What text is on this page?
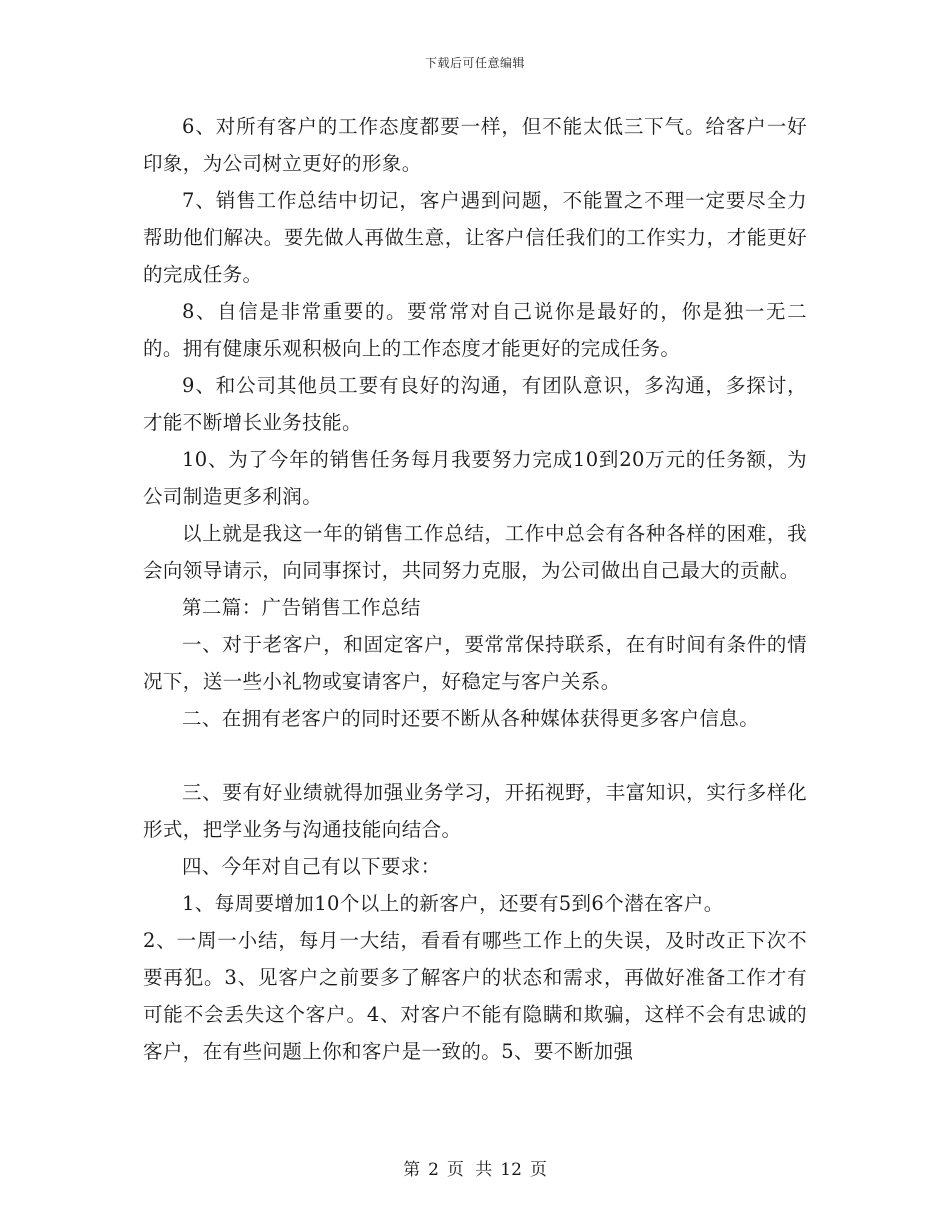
下载后可任意编辑

6、对所有客户的工作态度都要一样，但不能太低三下气。给客户一好印象，为公司树立更好的形象。

7、销售工作总结中切记，客户遇到问题，不能置之不理一定要尽全力帮助他们解决。要先做人再做生意，让客户信任我们的工作实力，才能更好的完成任务。

8、自信是非常重要的。要常常对自己说你是最好的，你是独一无二的。拥有健康乐观积极向上的工作态度才能更好的完成任务。

9、和公司其他员工要有良好的沟通，有团队意识，多沟通，多探讨，才能不断增长业务技能。

10、为了今年的销售任务每月我要努力完成10到20万元的任务额，为公司制造更多利润。

以上就是我这一年的销售工作总结，工作中总会有各种各样的困难，我会向领导请示，向同事探讨，共同努力克服，为公司做出自己最大的贡献。

第二篇：广告销售工作总结

一、对于老客户，和固定客户，要常常保持联系，在有时间有条件的情况下，送一些小礼物或宴请客户，好稳定与客户关系。

二、在拥有老客户的同时还要不断从各种媒体获得更多客户信息。

三、要有好业绩就得加强业务学习，开拓视野，丰富知识，实行多样化形式，把学业务与沟通技能向结合。

四、今年对自己有以下要求：

1、每周要增加10个以上的新客户，还要有5到6个潜在客户。

2、一周一小结，每月一大结，看看有哪些工作上的失误，及时改正下次不要再犯。3、见客户之前要多了解客户的状态和需求，再做好准备工作才有可能不会丢失这个客户。4、对客户不能有隐瞒和欺骗，这样不会有忠诚的客户，在有些问题上你和客户是一致的。5、要不断加强

第 2 页 共 12 页
